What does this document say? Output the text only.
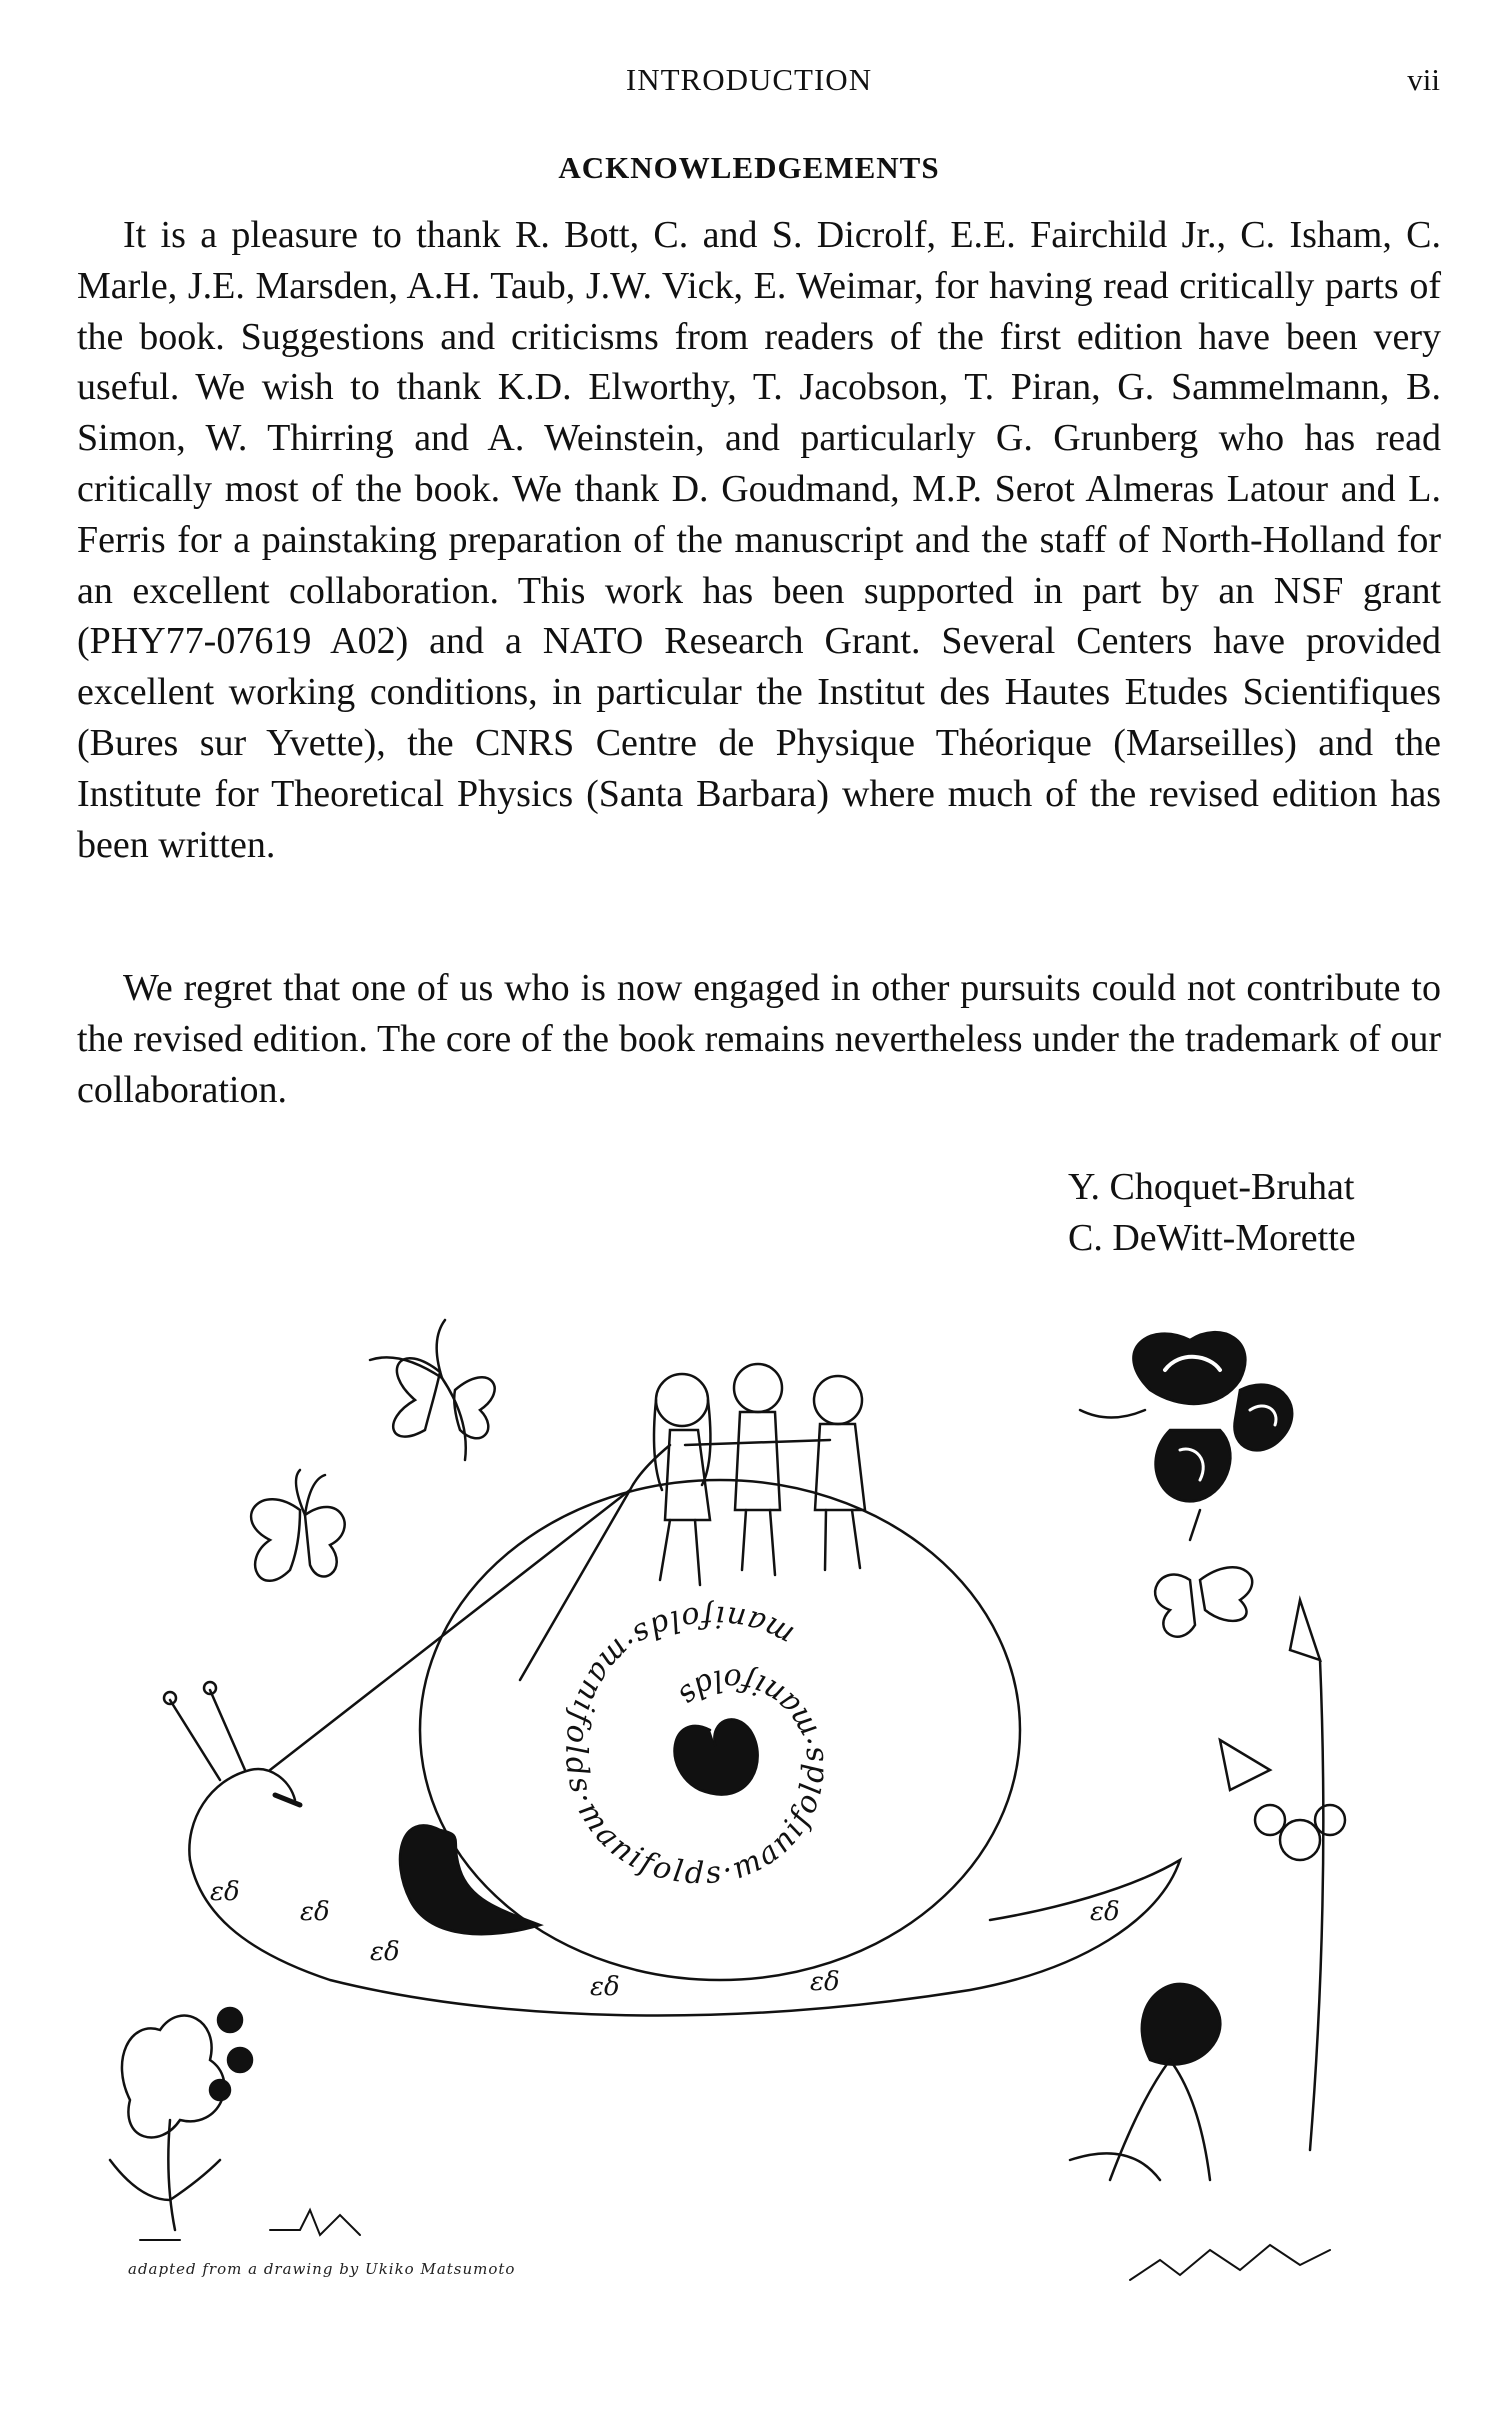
INTRODUCTION	vii
ACKNOWLEDGEMENTS

It is a pleasure to thank R. Bott, C. and S. Dicrolf, E.E. Fairchild Jr., C. Isham, C. Marle, J.E. Marsden, A.H. Taub, J.W. Vick, E. Weimar, for having read critically parts of the book. Suggestions and criticisms from readers of the first edition have been very useful. We wish to thank K.D. Elworthy, T. Jacobson, T. Piran, G. Sammelmann, B. Simon, W. Thirring and A. Weinstein, and particularly G. Grunberg who has read critically most of the book. We thank D. Goudmand, M.P. Serot Almeras Latour and L. Ferris for a painstaking preparation of the manuscript and the staff of North-Holland for an excellent collaboration. This work has been supported in part by an NSF grant (PHY77-07619 A02) and a NATO Research Grant. Several Centers have provided excellent working conditions, in particular the Institut des Hautes Etudes Scientifiques (Bures sur Yvette), the CNRS Centre de Physique Théorique (Marseilles) and the Institute for Theoretical Physics (Santa Barbara) where much of the revised edition has been written.

We regret that one of us who is now engaged in other pursuits could not contribute to the revised edition. The core of the book remains nevertheless under the trademark of our collaboration.

Y. Choquet-Bruhat
C. DeWitt-Morette
manifolds·manifolds·manifolds·manifolds·manifolds
εδ
εδ
εδ
εδ	εδ
εδ
adapted from a drawing by Ukiko Matsumoto
